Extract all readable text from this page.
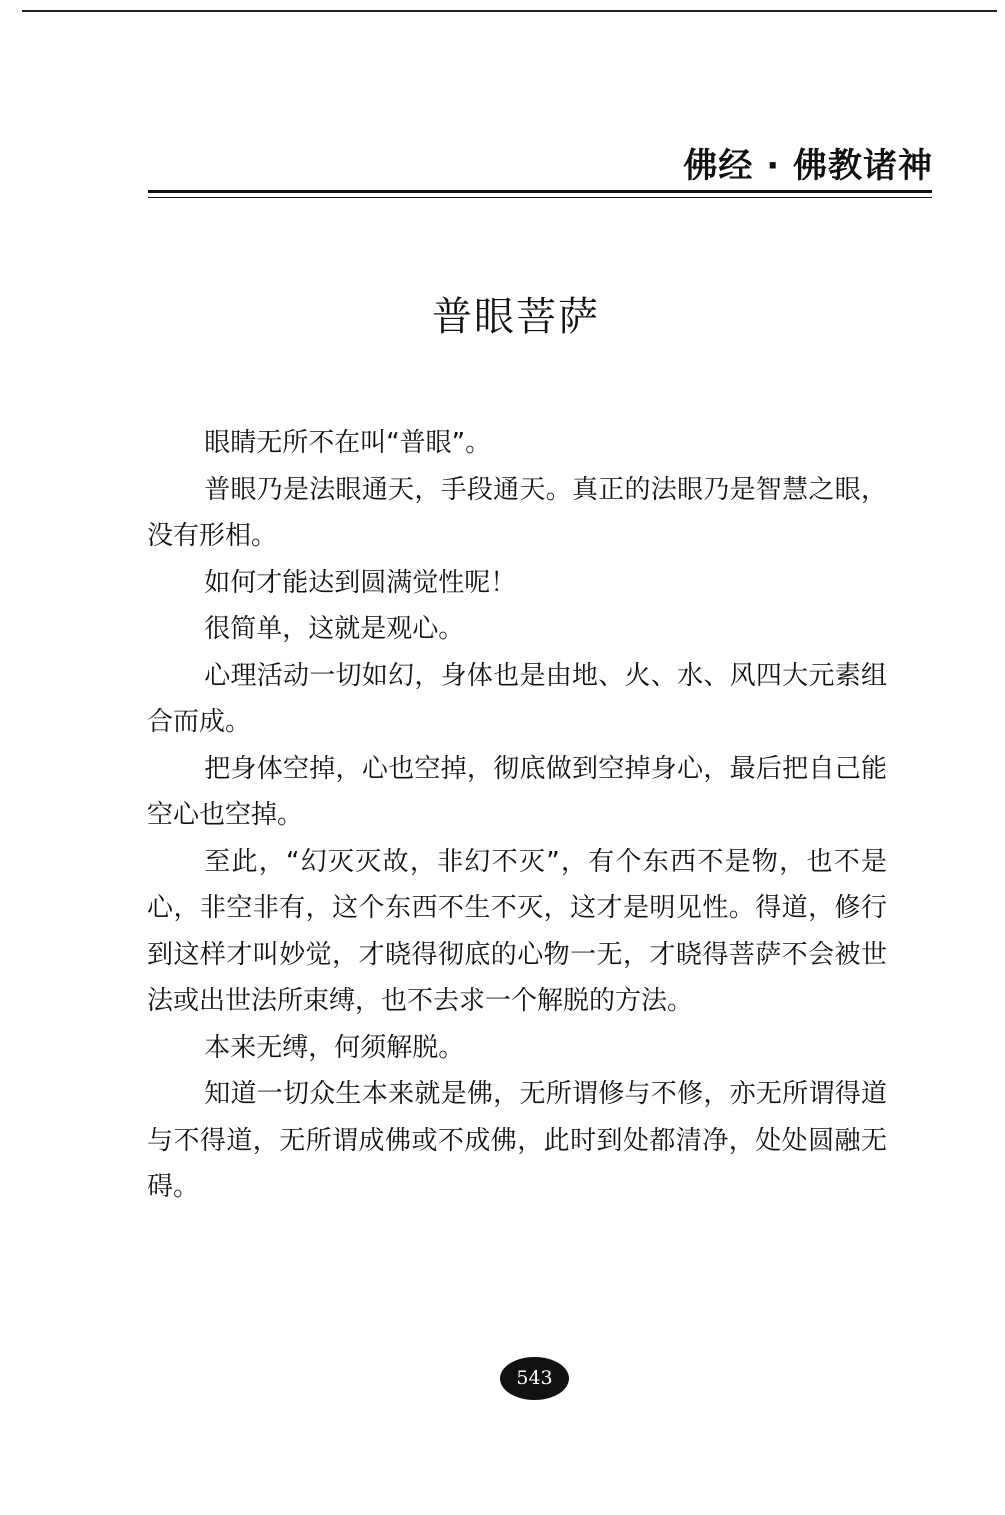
佛经 · 佛教诸神
普眼菩萨

眼睛无所不在叫“普眼”。

普眼乃是法眼通天，手段通天。真正的法眼乃是智慧之眼，没有形相。

如何才能达到圆满觉性呢！

很简单，这就是观心。

心理活动一切如幻，身体也是由地、火、水、风四大元素组合而成。

把身体空掉，心也空掉，彻底做到空掉身心，最后把自己能空心也空掉。

至此，“幻灭灭故，非幻不灭”，有个东西不是物，也不是心，非空非有，这个东西不生不灭，这才是明见性。得道，修行到这样才叫妙觉，才晓得彻底的心物一无，才晓得菩萨不会被世法或出世法所束缚，也不去求一个解脱的方法。

本来无缚，何须解脱。

知道一切众生本来就是佛，无所谓修与不修，亦无所谓得道与不得道，无所谓成佛或不成佛，此时到处都清净，处处圆融无碍。

543
